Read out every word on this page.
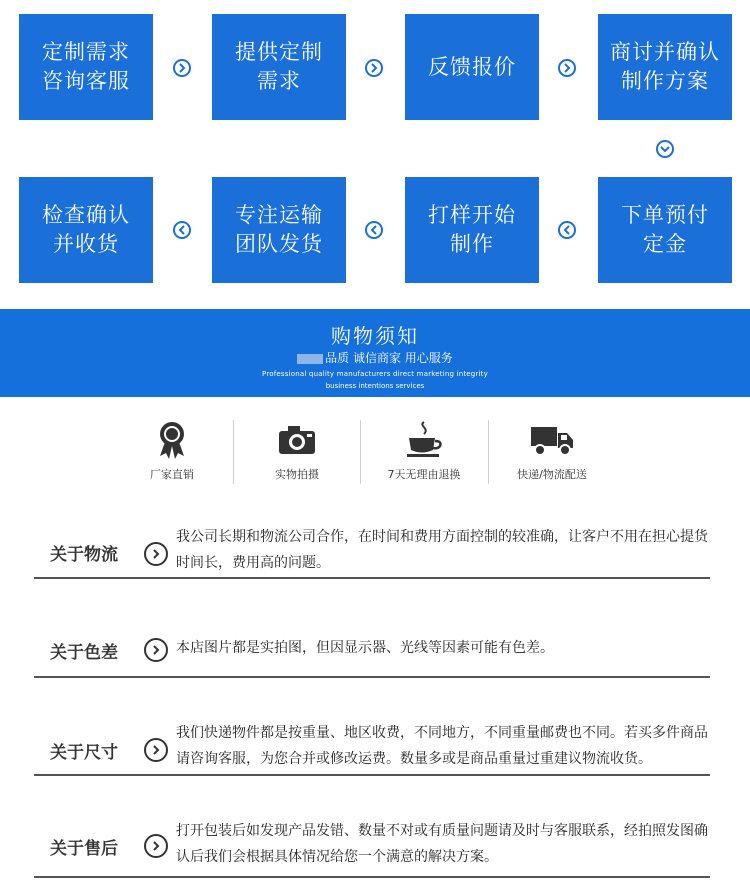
定制需求
咨询客服
提供定制
需求
反馈报价
商讨并确认
制作方案
检查确认
并收货
专注运输
团队发货
打样开始
制作
下单预付
定金
购物须知
品质 诚信商家 用心服务
Professional quality manufacturers direct marketing integrity
business intentions services
厂家直销	实物拍摄	7天无理由退换	快递/物流配送
关于物流
我公司长期和物流公司合作，在时间和费用方面控制的较准确，让客户不用在担心提货时间长，费用高的问题。
关于色差	本店图片都是实拍图，但因显示器、光线等因素可能有色差。
关于尺寸
我们快递物件都是按重量、地区收费，不同地方，不同重量邮费也不同。若买多件商品请咨询客服，为您合并或修改运费。数量多或是商品重量过重建议物流收货。
关于售后
打开包装后如发现产品发错、数量不对或有质量问题请及时与客服联系，经拍照发图确认后我们会根据具体情况给您一个满意的解决方案。
